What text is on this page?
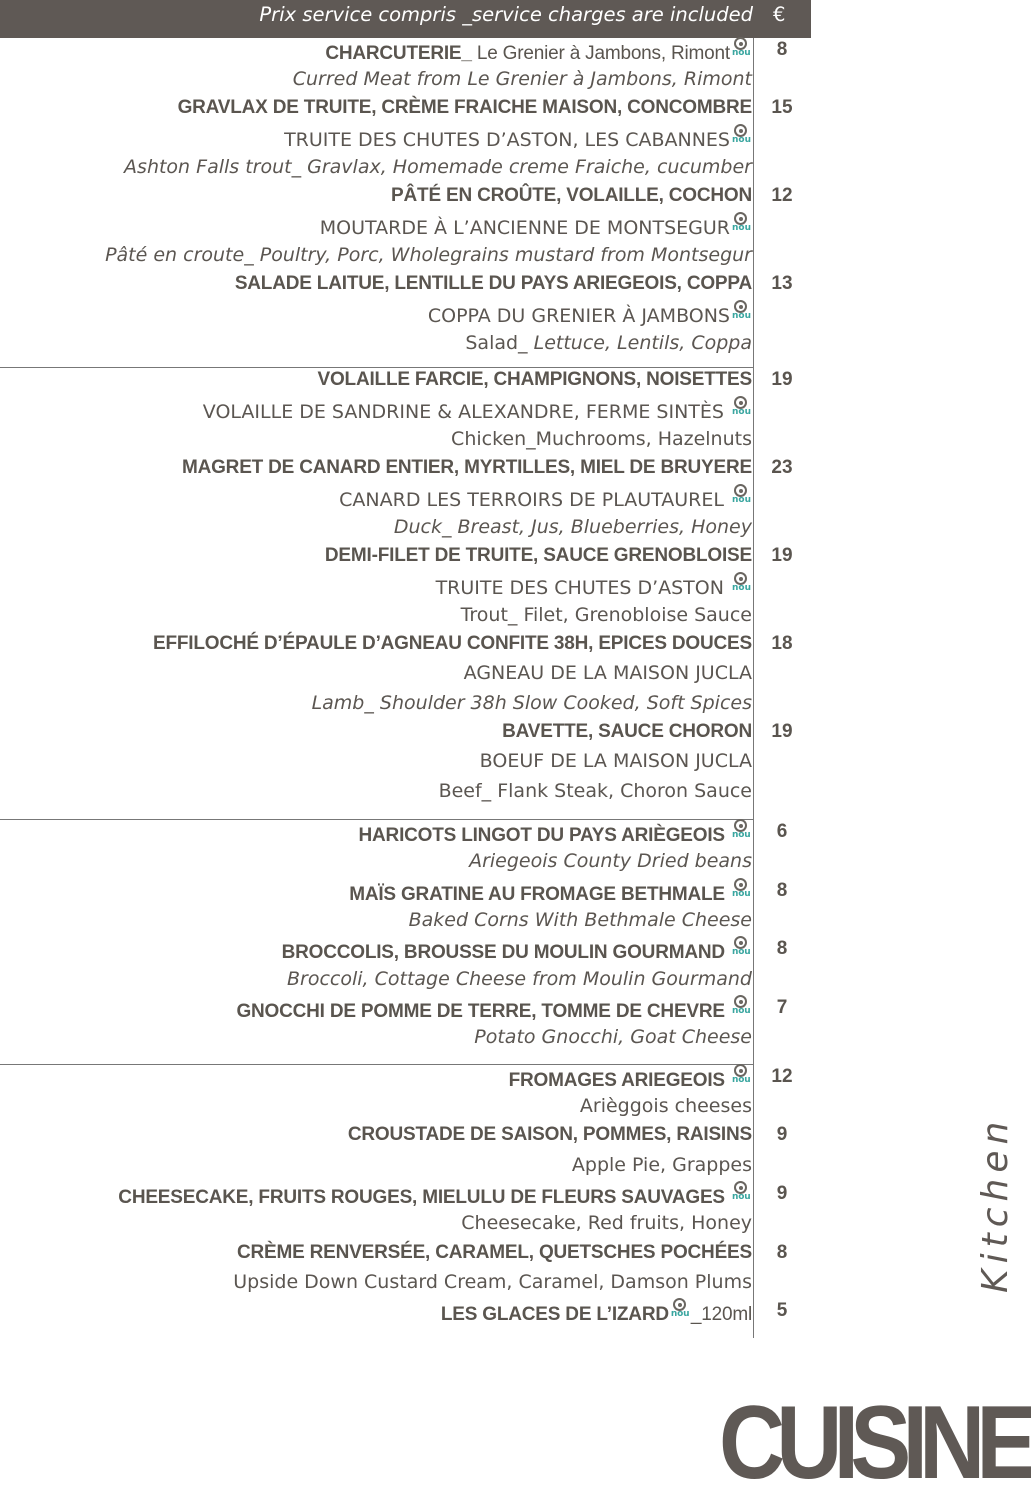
Prix service compris _service charges are included €
CHARCUTERIE_ Le Grenier à Jambons, Rimont nou	8
Curred Meat from Le Grenier à Jambons, Rimont
GRAVLAX DE TRUITE, CRÈME FRAICHE MAISON, CONCOMBRE	15
TRUITE DES CHUTES D’ASTON, LES CABANNES nou
Ashton Falls trout_ Gravlax, Homemade creme Fraiche, cucumber
PÂTÉ EN CROÛTE, VOLAILLE, COCHON	12
MOUTARDE À L’ANCIENNE DE MONTSEGUR nou
Pâté en croute_ Poultry, Porc, Wholegrains mustard from Montsegur
SALADE LAITUE, LENTILLE DU PAYS ARIEGEOIS, COPPA	13
COPPA DU GRENIER À JAMBONS nou
Salad_ Lettuce, Lentils, Coppa
VOLAILLE FARCIE, CHAMPIGNONS, NOISETTES	19
VOLAILLE DE SANDRINE & ALEXANDRE, FERME SINTÈS nou
Chicken_Muchrooms, Hazelnuts
MAGRET DE CANARD ENTIER, MYRTILLES, MIEL DE BRUYERE	23
CANARD LES TERROIRS DE PLAUTAUREL nou
Duck_ Breast, Jus, Blueberries, Honey
DEMI-FILET DE TRUITE, SAUCE GRENOBLOISE	19
TRUITE DES CHUTES D’ASTON nou
Trout_ Filet, Grenobloise Sauce
EFFILOCHÉ D’ÉPAULE D’AGNEAU CONFITE 38H, EPICES DOUCES	18
AGNEAU DE LA MAISON JUCLA
Lamb_ Shoulder 38h Slow Cooked, Soft Spices
BAVETTE, SAUCE CHORON	19
BOEUF DE LA MAISON JUCLA
Beef_ Flank Steak, Choron Sauce
HARICOTS LINGOT DU PAYS ARIÈGEOIS nou	6
Ariegeois County Dried beans
MAÏS GRATINE AU FROMAGE BETHMALE nou	8
Baked Corns With Bethmale Cheese
BROCCOLIS, BROUSSE DU MOULIN GOURMAND nou	8
Broccoli, Cottage Cheese from Moulin Gourmand
GNOCCHI DE POMME DE TERRE, TOMME DE CHEVRE nou	7
Potato Gnocchi, Goat Cheese
FROMAGES ARIEGEOIS nou	12
Arièggois cheeses
CROUSTADE DE SAISON, POMMES, RAISINS	9
Apple Pie, Grappes
CHEESECAKE, FRUITS ROUGES, MIELULU DE FLEURS SAUVAGES nou	9
Cheesecake, Red fruits, Honey
CRÈME RENVERSÉE, CARAMEL, QUETSCHES POCHÉES	8
Upside Down Custard Cream, Caramel, Damson Plums
LES GLACES DE L’IZARD nou _120ml	5
CUISINE
Kitchen
